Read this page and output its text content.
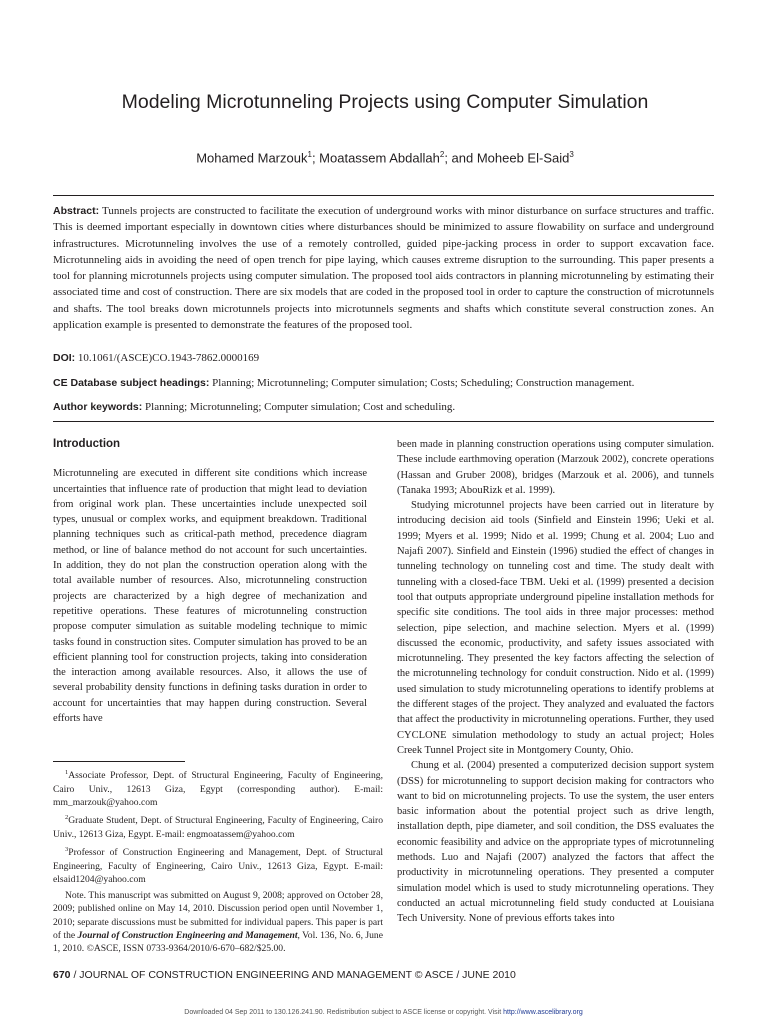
Modeling Microtunneling Projects using Computer Simulation
Mohamed Marzouk$^1$; Moatassem Abdallah$^2$; and Moheeb El-Said$^3$
Abstract: Tunnels projects are constructed to facilitate the execution of underground works with minor disturbance on surface structures and traffic. This is deemed important especially in downtown cities where disturbances should be minimized to assure flowability on surface and underground infrastructures. Microtunneling involves the use of a remotely controlled, guided pipe-jacking process in order to support excavation face. Microtunneling aids in avoiding the need of open trench for pipe laying, which causes extreme disruption to the surrounding. This paper presents a tool for planning microtunnels projects using computer simulation. The proposed tool aids contractors in planning microtunneling by estimating their associated time and cost of construction. There are six models that are coded in the proposed tool in order to capture the construction of microtunnels and shafts. The tool breaks down microtunnels projects into microtunnels segments and shafts which constitute several construction zones. An application example is presented to demonstrate the features of the proposed tool.
DOI: 10.1061/(ASCE)CO.1943-7862.0000169
CE Database subject headings: Planning; Microtunneling; Computer simulation; Costs; Scheduling; Construction management.
Author keywords: Planning; Microtunneling; Computer simulation; Cost and scheduling.
Introduction

Microtunneling are executed in different site conditions which increase uncertainties that influence rate of production that might lead to deviation from original work plan. These uncertainties include unexpected soil types, unusual or complex works, and equipment breakdown. Traditional planning techniques such as critical-path method, precedence diagram method, or line of balance method do not account for such uncertainties. In addition, they do not plan the construction operation along with the total available number of resources. Also, microtunneling construction projects are characterized by a high degree of mechanization and repetitive operations. These features of microtunneling construction propose computer simulation as suitable modeling technique to mimic tasks found in construction sites. Computer simulation has proved to be an efficient planning tool for construction projects, taking into consideration the interaction among available resources. Also, it allows the use of several probability density functions in defining tasks duration in order to account for uncertainties that may happen during construction. Several efforts have

$^1$Associate Professor, Dept. of Structural Engineering, Faculty of Engineering, Cairo Univ., 12613 Giza, Egypt (corresponding author). E-mail: mm_marzouk@yahoo.com

$^2$Graduate Student, Dept. of Structural Engineering, Faculty of Engineering, Cairo Univ., 12613 Giza, Egypt. E-mail: engmoatassem@yahoo.com

$^3$Professor of Construction Engineering and Management, Dept. of Structural Engineering, Faculty of Engineering, Cairo Univ., 12613 Giza, Egypt. E-mail: elsaid1204@yahoo.com

Note. This manuscript was submitted on August 9, 2008; approved on October 28, 2009; published online on May 14, 2010. Discussion period open until November 1, 2010; separate discussions must be submitted for individual papers. This paper is part of the Journal of Construction Engineering and Management, Vol. 136, No. 6, June 1, 2010. ©ASCE, ISSN 0733-9364/2010/6-670–682/$25.00.

been made in planning construction operations using computer simulation. These include earthmoving operation (Marzouk 2002), concrete operations (Hassan and Gruber 2008), bridges (Marzouk et al. 2006), and tunnels (Tanaka 1993; AbouRizk et al. 1999).

Studying microtunnel projects have been carried out in literature by introducing decision aid tools (Sinfield and Einstein 1996; Ueki et al. 1999; Myers et al. 1999; Nido et al. 1999; Chung et al. 2004; Luo and Najafi 2007). Sinfield and Einstein (1996) studied the effect of changes in tunneling technology on tunneling cost and time. The study dealt with tunneling with a closed-face TBM. Ueki et al. (1999) presented a decision tool that outputs appropriate underground pipeline installation methods for specific site conditions. The tool aids in three major processes: method selection, pipe selection, and machine selection. Myers et al. (1999) discussed the economic, productivity, and safety issues associated with microtunneling. They presented the key factors affecting the selection of the microtunneling technology for conduit construction. Nido et al. (1999) used simulation to study microtunneling operations to identify problems at the different stages of the project. They analyzed and evaluated the factors that affect the productivity in microtunneling operations. Further, they used CYCLONE simulation methodology to study an actual project; Holes Creek Tunnel Project site in Montgomery County, Ohio.

Chung et al. (2004) presented a computerized decision support system (DSS) for microtunneling to support decision making for contractors who want to bid on microtunneling projects. To use the system, the user enters basic information about the potential project such as drive length, installation depth, pipe diameter, and soil condition, the DSS evaluates the economic feasibility and advice on the appropriate types of microtunneling methods. Luo and Najafi (2007) analyzed the factors that affect the productivity in microtunneling operations. They presented a computer simulation model which is used to study microtunneling operations. They conducted an actual microtunneling field study conducted at Louisiana Tech University. None of previous efforts takes into

670 / JOURNAL OF CONSTRUCTION ENGINEERING AND MANAGEMENT © ASCE / JUNE 2010
Downloaded 04 Sep 2011 to 130.126.241.90. Redistribution subject to ASCE license or copyright. Visit http://www.ascelibrary.org
